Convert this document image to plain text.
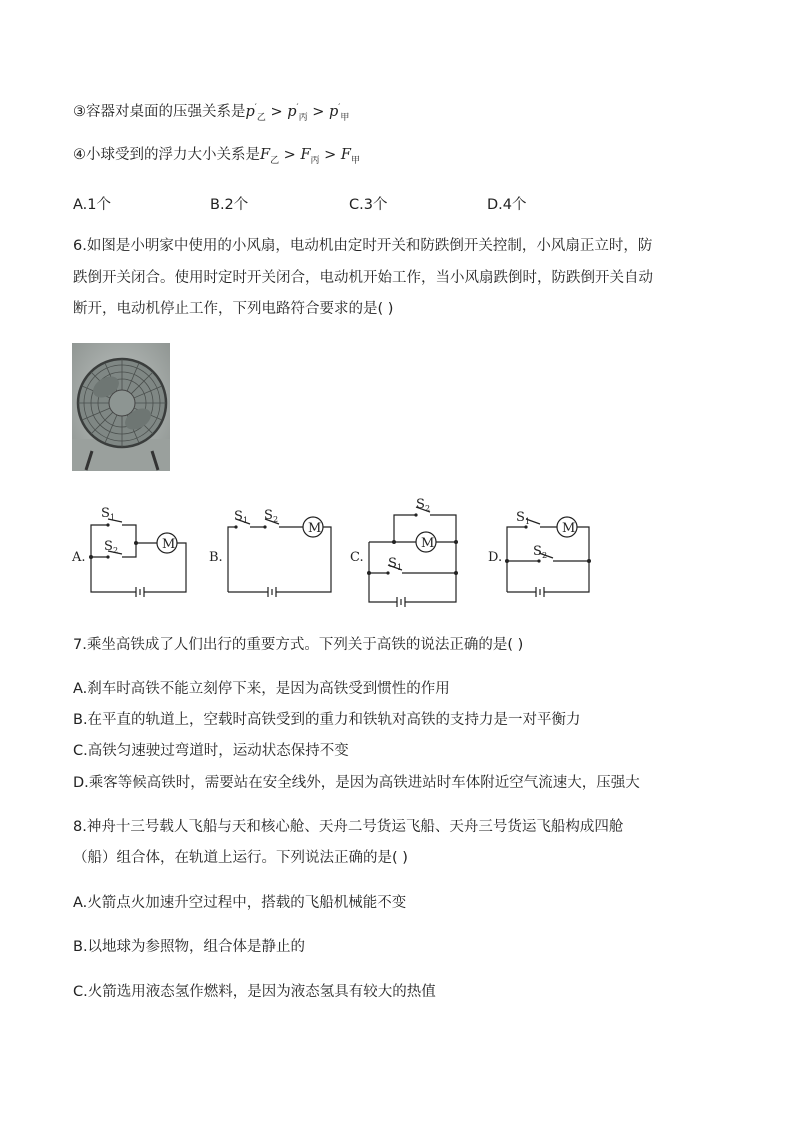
③容器对桌面的压强关系是$p'_乙 > p'_丙 > p'_甲$
④小球受到的浮力大小关系是$F_乙 > F_丙 > F_甲$
A.1个	B.2个	C.3个	D.4个
6.如图是小明家中使用的小风扇，电动机由定时开关和防跌倒开关控制，小风扇正立时，防
跌倒开关闭合。使用时定时开关闭合，电动机开始工作，当小风扇跌倒时，防跌倒开关自动
断开，电动机停止工作，下列电路符合要求的是( )
A.
M
S 1
S 2	B.
M
S 1 S 2
C.
M
S 2
S 1
D.
M
S 1
S 2
7.乘坐高铁成了人们出行的重要方式。下列关于高铁的说法正确的是( )
A.刹车时高铁不能立刻停下来，是因为高铁受到惯性的作用
B.在平直的轨道上，空载时高铁受到的重力和铁轨对高铁的支持力是一对平衡力
C.高铁匀速驶过弯道时，运动状态保持不变
D.乘客等候高铁时，需要站在安全线外，是因为高铁进站时车体附近空气流速大，压强大
8.神舟十三号载人飞船与天和核心舱、天舟二号货运飞船、天舟三号货运飞船构成四舱
（船）组合体，在轨道上运行。下列说法正确的是( )
A.火箭点火加速升空过程中，搭载的飞船机械能不变
B.以地球为参照物，组合体是静止的
C.火箭选用液态氢作燃料，是因为液态氢具有较大的热值
